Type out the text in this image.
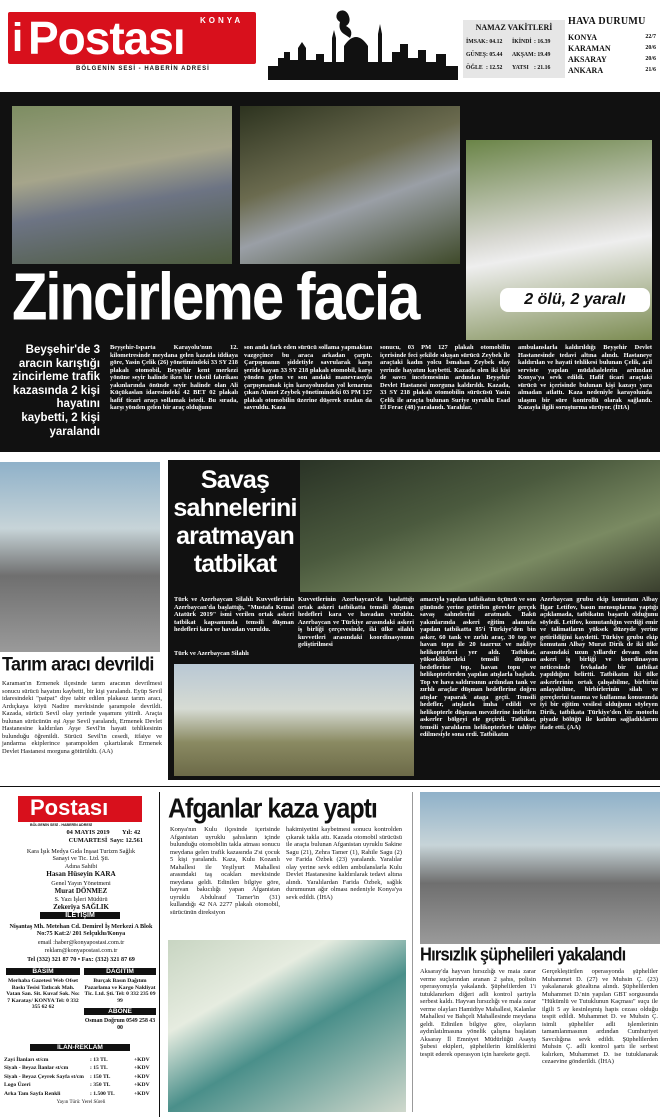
i Postası KONYA
BÖLGENİN SESİ - HABERİN ADRESİ
NAMAZ VAKİTLERİ
İMSAK : 04.12	İKİNDİ : 16.39
GÜNEŞ : 05.44	AKŞAM : 19.49
ÖĞLE : 12.52	YATSI : 21.16
HAVA DURUMU
KONYA	22/7
KARAMAN	20/6
AKSARAY	20/6
ANKARA	21/6
Zincirleme facia	2 ölü, 2 yaralı
Beyşehir'de 3 aracın karıştığı zincirleme trafik kazasında 2 kişi hayatını kaybetti, 2 kişi yaralandı
Beyşehir-Isparta Karayolu'nun 12. kilometresinde meydana gelen kazada iddiaya göre, Yasin Çelik (26) yönetimindeki 33 SY 218 plakalı otomobil, Beyşehir kent merkezi yönüne seyir halinde iken bir tekstil fabrikası yakınlarında önünde seyir halinde olan Ali Küçükaslan idaresindeki 42 BET 02 plakalı hafif ticari araçı sollamak istedi. Bu sırada, karşı yönden gelen bir araç olduğunu
son anda fark eden sürücü sollama yapmaktan vazgeçince bu araca arkadan çarptı. Çarpışmanın şiddetiyle savrularak karşı şeride kayan 33 SY 218 plakalı otomobil, karşı yönden gelen ve son andaki manevrasıyla çarpışmamak için karayolundan yol kenarına çıkan Ahmet Zeybek yönetimindeki 03 PM 127 plakalı otomobilin üzerine düşerek oradan da savruldu. Kaza
sonucu, 03 PM 127 plakalı otomobilin içerisinde feci şekilde sıkışan sürücü Zeybek ile araçtaki kadın yolcu İsmahan Zeybek olay yerinde hayatını kaybetti. Kazada olen iki kişi de savcı incelemesinin ardından Beyşehir Devlet Hastanesi morguna kaldırıldı. Kazada, 33 SY 218 plakalı otomobilin sürücüsü Yasin Çelik ile araçta bulunan Suriye uyruklu Esad El Ferac (48) yaralandı. Yaralılar,
ambulanslarla kaldırıldığı Beyşehir Devlet Hastanesinde tedavi altına alındı. Hastaneye kaldırılan ve hayati tehlikesi bulunan Çelik, acil serviste yapılan müdahalelerin ardından Konya'ya sevk edildi. Hafif ticari araçtaki sürücü ve içerisinde bulunan kişi kazayı yara almadan atlattı. Kaza nedeniyle karayolunda ulaşım bir süre kontrollü olarak sağlandı. Kazayla ilgili soruşturma sürüyor. (İHA)
Tarım aracı devrildi
Karaman'ın Ermenek ilçesinde tarım aracının devrilmesi sonucu sürücü hayatını kaybetti, bir kişi yaralandı. Eyüp Sevil idaresindeki "patpat" diye tabir edilen plakasız tarım aracı, Ardıçkaya köyü Nadire mevkisinde şarampole devrildi. Kazada, sürücü Sevil olay yerinde yaşamını yitirdi. Araçta bulunan sürücünün eşi Ayşe Sevil yaralandı, Ermenek Devlet Hastanesine kaldırılan Ayşe Sevil'in hayati tehlikesinin bulunduğu öğrenildi. Sürücü Sevil'in cesedi, itfaiye ve jandarma ekiplerince şarampolden çıkartılarak Ermenek Devlet Hastanesi morguna götürüldü. (AA)
Savaş sahnelerini aratmayan tatbikat
Türk ve Azerbaycan Silahlı Kuvvetlerinin Azerbaycan'da başlattığı, "Mustafa Kemal Atatürk 2019" ismi verilen ortak askeri tatbikat kapsamında temsili düşman hedefleri kara ve havadan vuruldu.
Türk ve Azerbaycan Silahlı
Kuvvetlerinin Azerbaycan'da başlattığı ortak askeri tatbikatta temsili düşman hedefleri kara ve havadan vuruldu. Azerbaycan ve Türkiye arasındaki askeri iş birliği çerçevesinde, iki ülke silahlı kuvvetleri arasındaki koordinasyonun geliştirilmesi
amacıyla yapılan tatbikatın üçüncü ve son gününde yerine getirilen görevler gerçek savaş sahnelerini aratmadı. Bakü yakınlarında askeri eğitim alanında yapılan tatbikatta 85'i Türkiye'den bin asker, 60 tank ve zırhlı araç, 30 top ve havan topu ile 20 taarruz ve nakliye helikopterleri yer aldı. Tatbikat, yüksekliklerdeki temsili düşman hedeflerine top, havan topu ve helikopterlerden yapılan atışlarla başladı. Top ve hava saldırısının ardından tank ve zırhlı araçlar düşman hedeflerine doğru atışlar yaparak ataga geçti. Temsili hedefler, atışlarla imha edildi ve helikopterle düşman mevzilerine indirilen askerler bölgeyi ele geçirdi. Tatbikat, temsili yaralıların helikopterlerle tahliye edilmesiyle sona erdi. Tatbikatın
Azerbaycan grubu ekip komutanı Albay İlgar Letifov, basın mensuplarına yaptığı açıklamada, tatbikatın başarılı olduğunu söyledi. Letifov, komutanlığın verdiği emir ve talimatların yüksek düzeyde yerine getirildiğini kaydetti. Türkiye grubu ekip komutanı Albay Murat Dirik de iki ülke arasındaki uzun yıllardır devam eden askeri iş birliği ve koordinasyon neticesinde fevkalade bir tatbikat yapıldığını belirtti. Tatbikatın iki ülke askerlerinin ortak çalışabilme, birbirini anlayabilme, birbirlerinin silah ve gereçlerini tanıma ve kullanma konusunda iyi bir eğitim vesilesi olduğunu söyleyen Dirik, tatbikata Türkiye'den bir motorlu piyade bölüğü ile katılım sağladıklarını ifade etti. (AA)
Postası
BÖLGENİN SESİ - HABERİN ADRESİ
04 MAYIS 2019 CUMARTESİ
Yıl: 42
Sayı: 12.561
Kara İşık Medya Gıda İnşaat Turizm Sağlık Sanayi ve Tic. Ltd. Şti.
Adına Sahibi
Hasan Hüseyin KARA
Genel Yayın Yönetmeni
Murat DÖNMEZ
S. Yazı İşleri Müdürü
Zekeriya SAĞLIK
İLETİŞİM
Nişantaş Mh. Metehan Cd. Demirel İş Merkezi A Blok No:75 Kat:2/ 201 Selçuklu/Konya
email :haber@konyapostasi.com.tr
reklam@konyapostasi.com.tr
Tel (332) 321 87 70 • Fax: (332) 321 87 69
BASIM
Merhaba Gazetesi Web Ofset Baskı Tesisi Tatlıcak Mah. Vatan San. Sit. Kuvaf Sok. No: 7 Karatay/ KONYA Tel: 0 332 355 62 62
DAĞITIM
Burçak Basın Dağıtım Pazarlama ve Kargo Nakliyat Tic. Ltd. Şti. Tel: 0 332 235 09 99
ABONE
Osman Doğrum 0549 258 43 00
İLAN-REKLAM
Zayi İlanları st/cm	: 13 TL	+KDV
Siyah - Beyaz İlanlar st/cm	: 15 TL	+KDV
Siyah - Beyaz Çeyrek Sayfa st/cm	: 150 TL	+KDV
Logo Üzeri	: 350 TL	+KDV
Arka Tam Sayfa Renkli	: 1.500 TL	+KDV
Yayın Türü: Yerel Süreli
Afganlar kaza yaptı
Konya'nın Kulu ilçesinde içerisinde Afganistan uyruklu şahısların içinde bulunduğu otomobilin takla atması sonucu meydana gelen trafik kazasında 2'si çocuk 5 kişi yaralandı. Kaza, Kulu Kozanlı Mahallesi ile Yeşilyurt Mahallesi arasındaki taş ocakları mevkisinde meydana geldi. Edinilen bilgiye göre, hayvan bakıcılığı yapan Afganistan uyruklu Abdulrauf Tamer'in (31) kullandığı 42 NA 2277 plakalı otomobil, sürücünün direksiyon
hakimiyetini kaybetmesi sonucu kontrolden çıkarak takla attı. Kazada otomobil sürücüsü ile araçta bulunan Afganistan uyruklu Sakine Sagu (21), Zehra Tamer (1), Rahile Sagu (2) ve Farida Özbek (23) yaralandı. Yaralılar olay yerine sevk edilen ambulanslarla Kulu Devlet Hastanesine kaldırılarak tedavi altına alındı. Yaralılardan Farida Özbek, sağlık durumunun ağır olması nedeniyle Konya'ya sevk edildi. (İHA)
Hırsızlık şüphelileri yakalandı
Aksaray'da hayvan hırsızlığı ve maia zarar verme suçlarından aranan 2 şahıs, polisin operasyonuyla yakalandı. Şüphelilerden 1'i tutuklanırken diğeri adli kontrol şartıyla serbest kaldı. Hayvan hırsızlığı ve mala zarar verme olayları Hamidiye Mahallesi, Kalanlar Mahallesi ve Bahçeli Mahallesinde meydana geldi. Edinilen bilgiye göre, olayların aydınlatılmasına yönelik çalışma başlatan Aksaray İl Emniyet Müdürlüğü Asayiş Şubesi ekipleri, şüphelilerin kimliklerini tespit ederek operasyon için harekete geçti.
Gerçekleştirilen operasyonda şüpheliler Muhammet D. (27) ve Muhsin Ç. (23) yakalanarak gözaltına alındı. Şüphelilerden Muhammet D.'nin yapılan GBT sorgusunda "Hükümlü ve Tutuklunun Kaçması" suçu ile ilgili 5 ay kesinleşmiş hapis cezası olduğu tespit edildi. Muhammet D. ve Muhsin Ç. isimli şüpheliler adli işlemlerinin tamamlanmasının ardından Cumhuriyet Savcılığına sevk edildi. Şüphelilerden Muhsin Ç. adli kontrol şartı ile serbest kalırken, Muhammet D. ise tutuklanarak cezaevine gönderildi. (İHA)
